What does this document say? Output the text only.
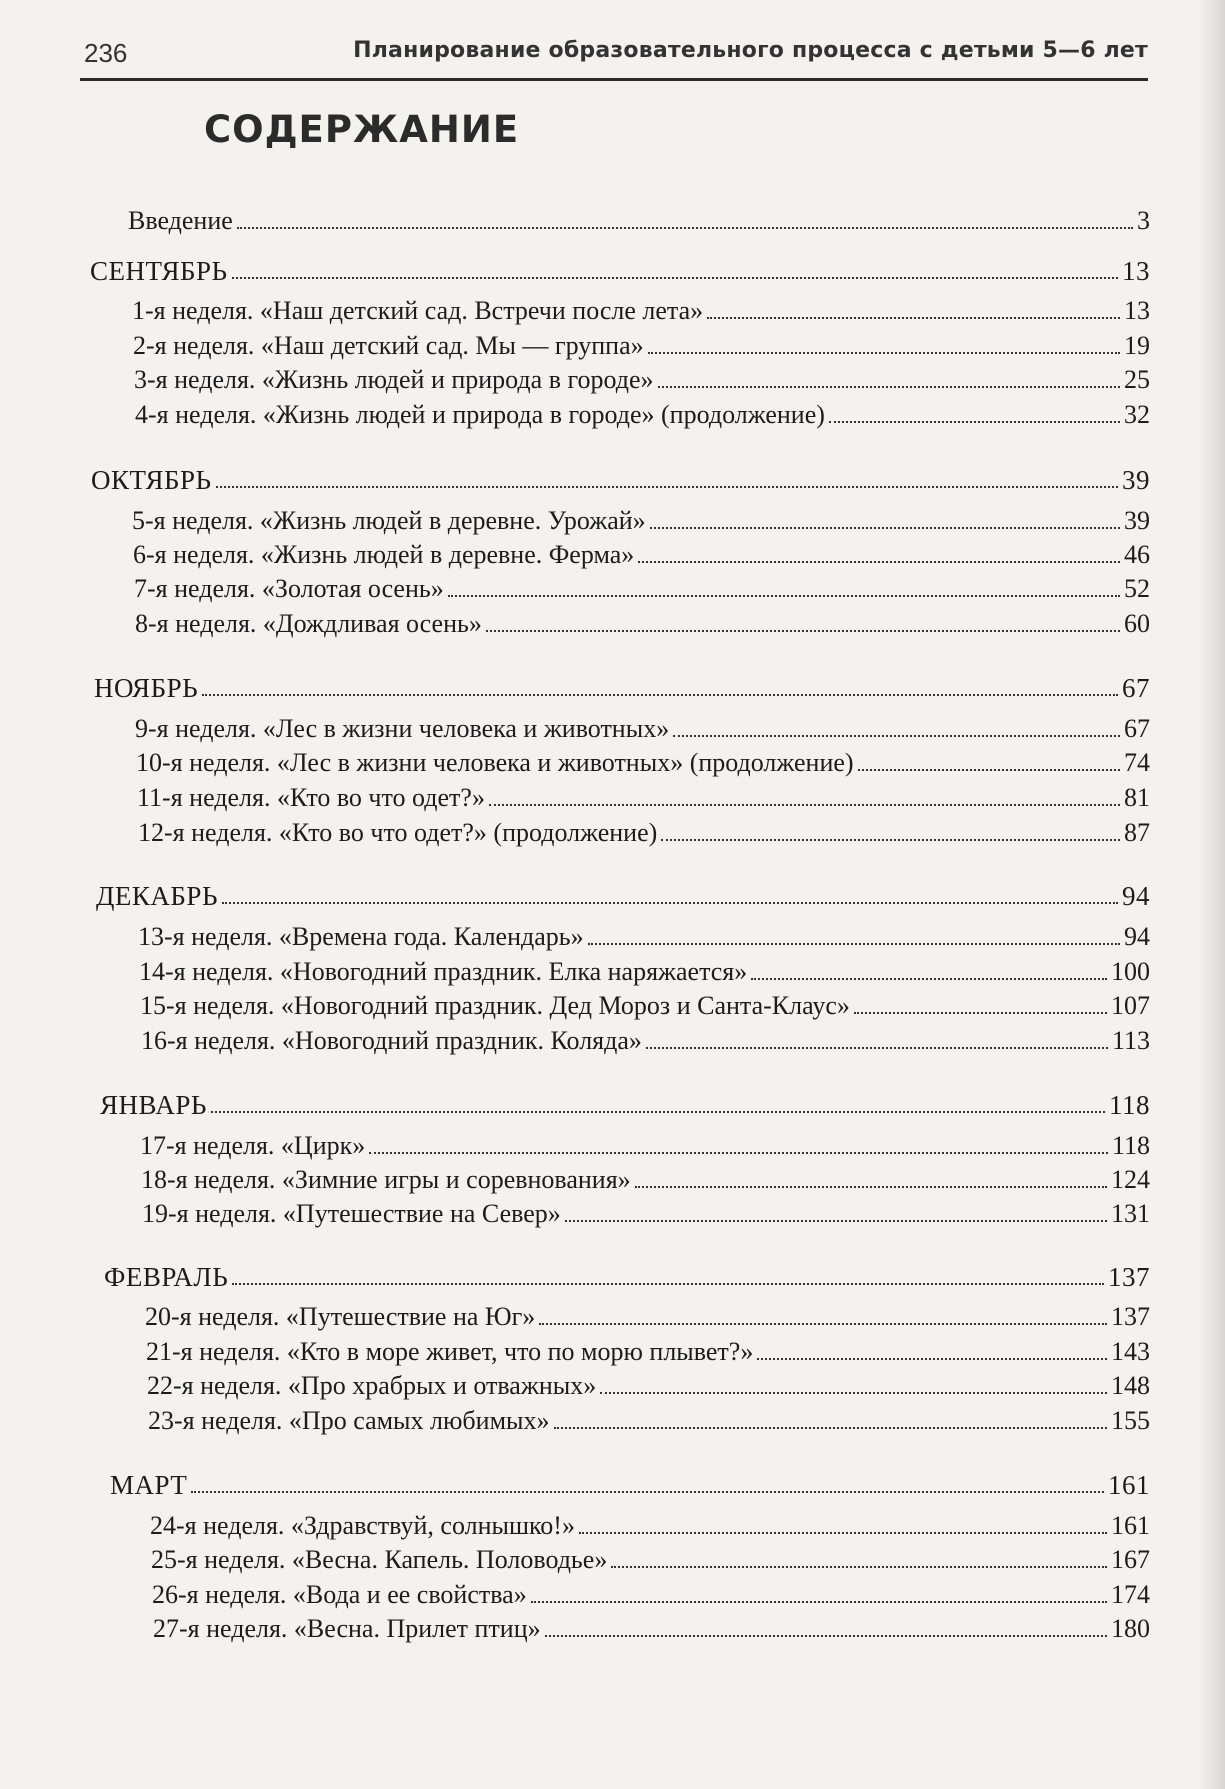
236	Планирование образовательного процесса с детьми 5—6 лет
СОДЕРЖАНИЕ
Введение	3
СЕНТЯБРЬ	13
1-я неделя. «Наш детский сад. Встречи после лета»	13
2-я неделя. «Наш детский сад. Мы — группа»	19
3-я неделя. «Жизнь людей и природа в городе»	25
4-я неделя. «Жизнь людей и природа в городе» (продолжение)	32
ОКТЯБРЬ	39
5-я неделя. «Жизнь людей в деревне. Урожай»	39
6-я неделя. «Жизнь людей в деревне. Ферма»	46
7-я неделя. «Золотая осень»	52
8-я неделя. «Дождливая осень»	60
НОЯБРЬ	67
9-я неделя. «Лес в жизни человека и животных»	67
10-я неделя. «Лес в жизни человека и животных» (продолжение)	74
11-я неделя. «Кто во что одет?»	81
12-я неделя. «Кто во что одет?» (продолжение)	87
ДЕКАБРЬ	94
13-я неделя. «Времена года. Календарь»	94
14-я неделя. «Новогодний праздник. Елка наряжается»	100
15-я неделя. «Новогодний праздник. Дед Мороз и Санта-Клаус»	107
16-я неделя. «Новогодний праздник. Коляда»	113
ЯНВАРЬ	118
17-я неделя. «Цирк»	118
18-я неделя. «Зимние игры и соревнования»	124
19-я неделя. «Путешествие на Север»	131
ФЕВРАЛЬ	137
20-я неделя. «Путешествие на Юг»	137
21-я неделя. «Кто в море живет, что по морю плывет?»	143
22-я неделя. «Про храбрых и отважных»	148
23-я неделя. «Про самых любимых»	155
МАРТ	161
24-я неделя. «Здравствуй, солнышко!»	161
25-я неделя. «Весна. Капель. Половодье»	167
26-я неделя. «Вода и ее свойства»	174
27-я неделя. «Весна. Прилет птиц»	180
